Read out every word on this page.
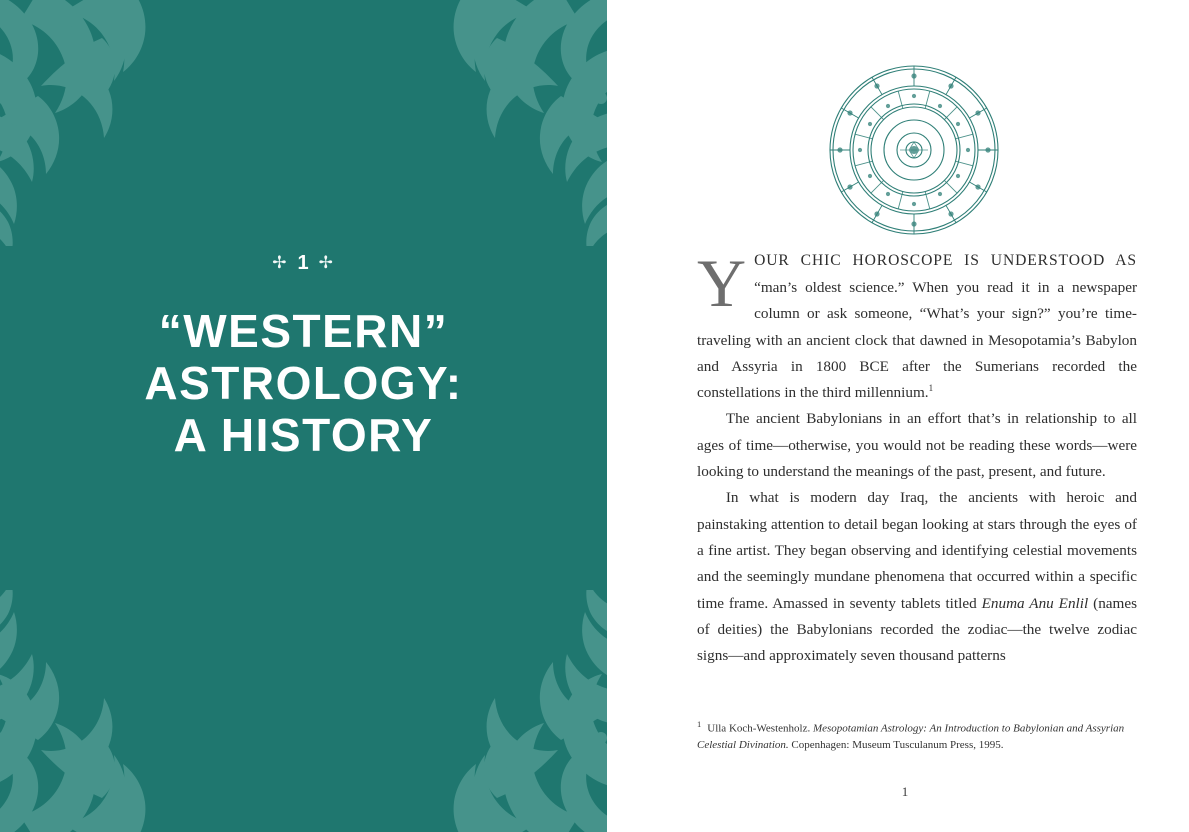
✢ 1 ✢
“WESTERN”
ASTROLOGY:
A HISTORY

YOUR CHIC HOROSCOPE IS UNDERSTOOD AS “man’s oldest science.” When you read it in a newspaper column or ask someone, “What’s your sign?” you’re time-traveling with an ancient clock that dawned in Mesopotamia’s Babylon and Assyria in 1800 BCE after the Sumerians recorded the constellations in the third millennium.$^1$

The ancient Babylonians in an effort that’s in relationship to all ages of time—otherwise, you would not be reading these words—were looking to understand the meanings of the past, present, and future.

In what is modern day Iraq, the ancients with heroic and painstaking attention to detail began looking at stars through the eyes of a fine artist. They began observing and identifying celestial movements and the seemingly mundane phenomena that occurred within a specific time frame. Amassed in seventy tablets titled Enuma Anu Enlil (names of deities) the Babylonians recorded the zodiac—the twelve zodiac signs—and approximately seven thousand patterns

$^1$ Ulla Koch-Westenholz. Mesopotamian Astrology: An Introduction to Babylonian and Assyrian Celestial Divination. Copenhagen: Museum Tusculanum Press, 1995.
1
